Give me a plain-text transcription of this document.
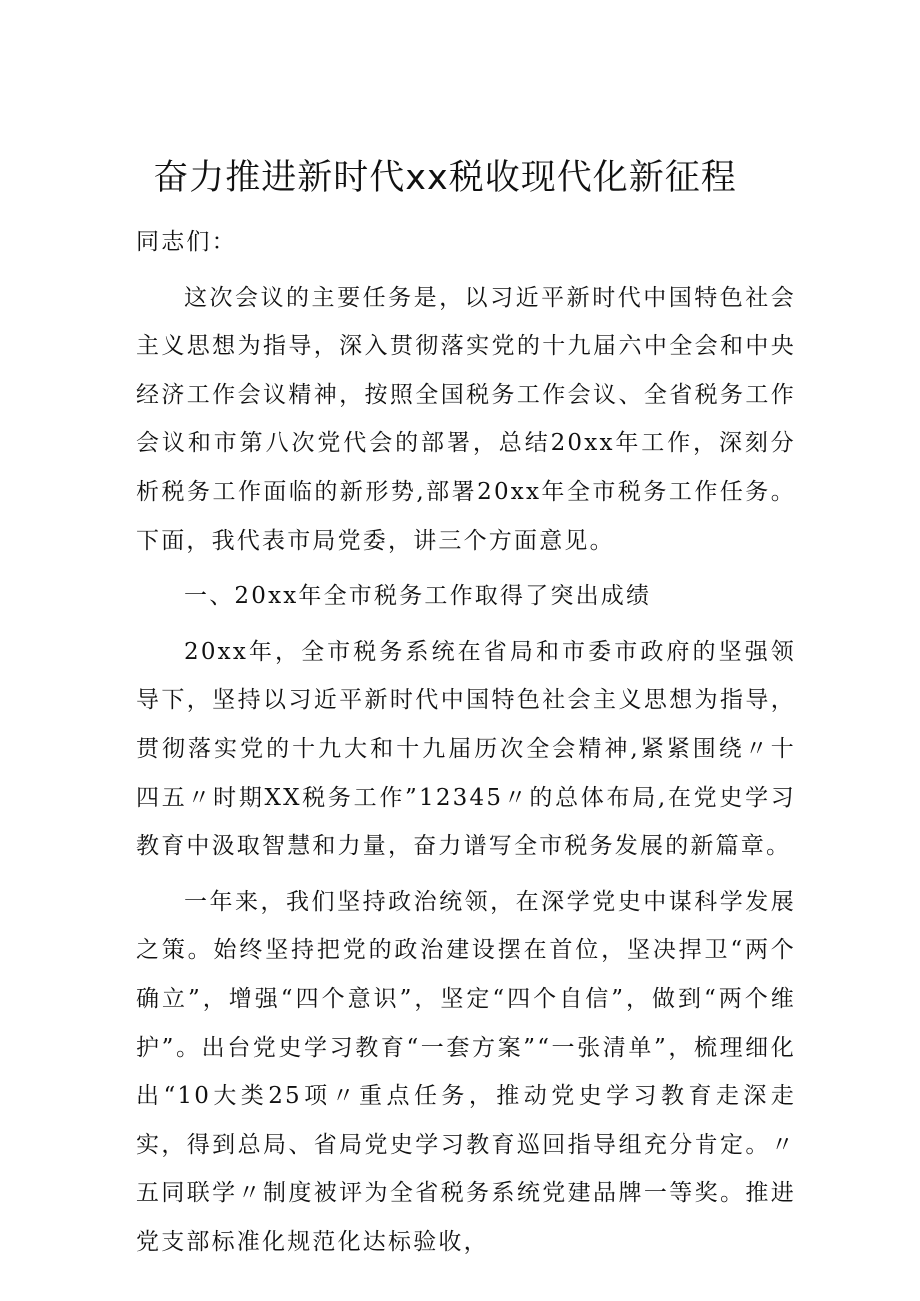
奋力推进新时代xx税收现代化新征程

同志们：

这次会议的主要任务是，以习近平新时代中国特色社会主义思想为指导，深入贯彻落实党的十九届六中全会和中央经济工作会议精神，按照全国税务工作会议、全省税务工作会议和市第八次党代会的部署，总结20xx年工作，深刻分析税务工作面临的新形势,部署20xx年全市税务工作任务。下面，我代表市局党委，讲三个方面意见。

一、20xx年全市税务工作取得了突出成绩

20xx年，全市税务系统在省局和市委市政府的坚强领导下，坚持以习近平新时代中国特色社会主义思想为指导，贯彻落实党的十九大和十九届历次全会精神,紧紧围绕〃十四五〃时期XX税务工作”12345〃的总体布局,在党史学习教育中汲取智慧和力量，奋力谱写全市税务发展的新篇章。

一年来，我们坚持政治统领，在深学党史中谋科学发展之策。始终坚持把党的政治建设摆在首位，坚决捍卫“两个确立”，增强“四个意识”，坚定“四个自信”，做到“两个维护”。出台党史学习教育“一套方案”“一张清单”，梳理细化出“10大类25项〃重点任务，推动党史学习教育走深走实，得到总局、省局党史学习教育巡回指导组充分肯定。〃五同联学〃制度被评为全省税务系统党建品牌一等奖。推进党支部标准化规范化达标验收，
